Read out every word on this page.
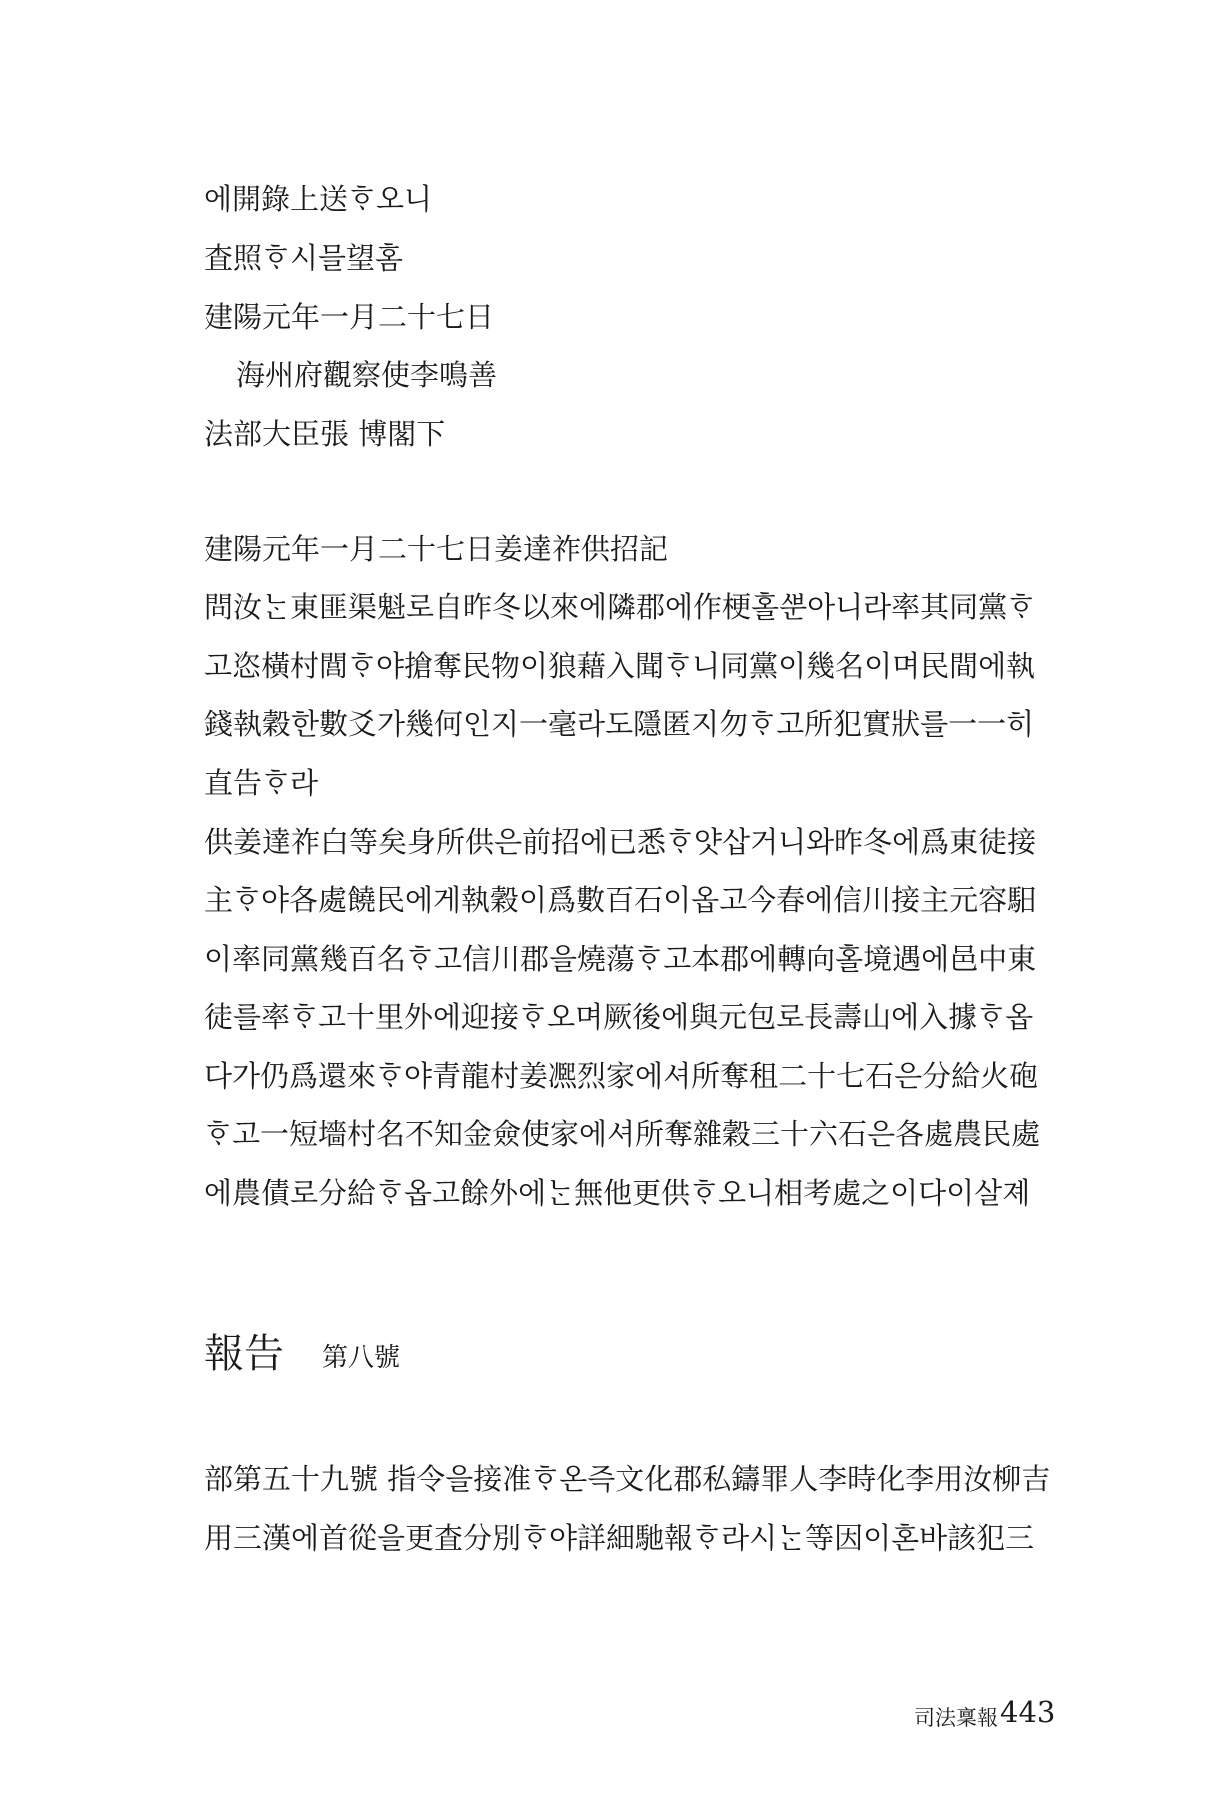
에開錄上送ᄒᆞ오니
査照ᄒᆞ시믈望홈
建陽元年一月二十七日
海州府觀察使李鳴善
法部大臣張 博閣下
建陽元年一月二十七日姜達祚供招記
問汝ᄂᆞᆫ東匪渠魁로自昨冬以來에隣郡에作梗홀ᄲᅮᆫ아니라率其同黨ᄒᆞ
고恣橫村閭ᄒᆞ야搶奪民物이狼藉入聞ᄒᆞ니同黨이幾名이며民間에執
錢執穀한數爻가幾何인지一毫라도隱匿지勿ᄒᆞ고所犯實狀를一一히
直告ᄒᆞ라
供姜達祚白等矣身所供은前招에已悉ᄒᆞ얏삽거니와昨冬에爲東徒接
主ᄒᆞ야各處饒民에게執穀이爲數百石이옵고今春에信川接主元容馹
이率同黨幾百名ᄒᆞ고信川郡을燒蕩ᄒᆞ고本郡에轉向홀境遇에邑中東
徒를率ᄒᆞ고十里外에迎接ᄒᆞ오며厥後에與元包로長壽山에入據ᄒᆞ옵
다가仍爲還來ᄒᆞ야青龍村姜凞烈家에셔所奪租二十七石은分給火砲
ᄒᆞ고一短墻村名不知金僉使家에셔所奪雜穀三十六石은各處農民處
에農債로分給ᄒᆞ옵고餘外에ᄂᆞᆫ無他更供ᄒᆞ오니相考處之이다이살졔
報告 第八號
部第五十九號 指令을接准ᄒᆞ온즉文化郡私鑄罪人李時化李用汝柳吉
用三漢에首從을更査分別ᄒᆞ야詳細馳報ᄒᆞ라시ᄂᆞᆫ等因이혼바該犯三
司法稟報 443
